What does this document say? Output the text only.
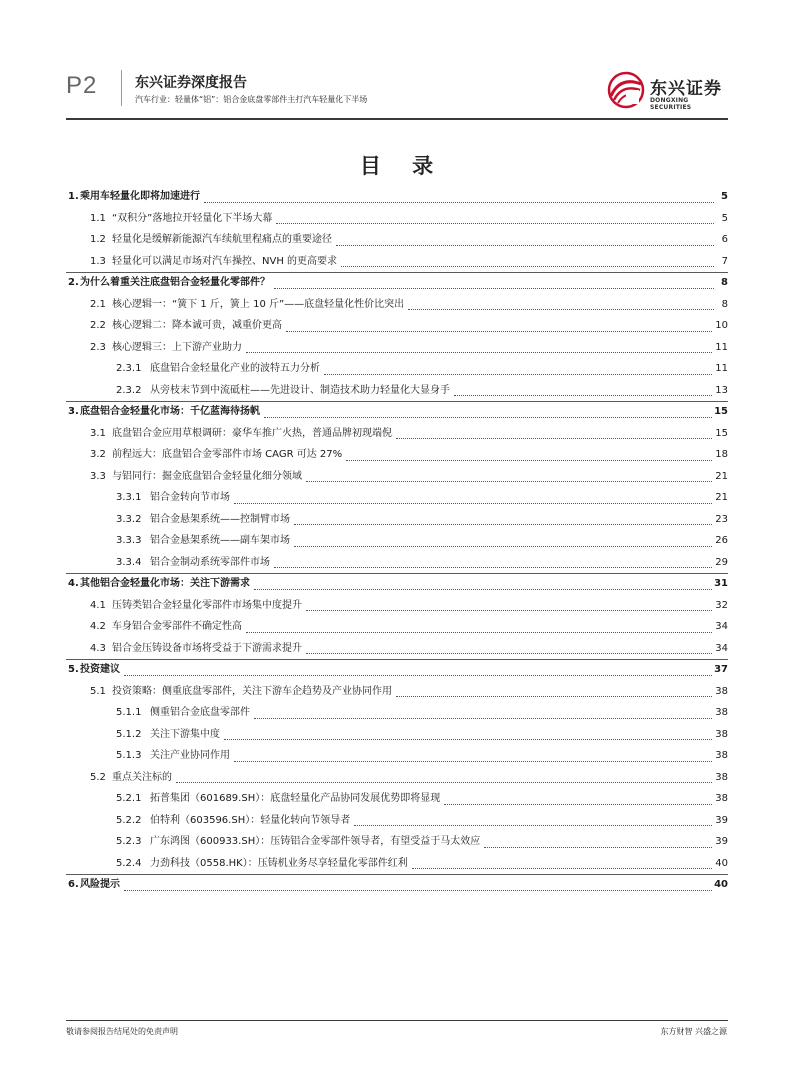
P2	东兴证券深度报告
汽车行业：轻量体“铝”：铝合金底盘零部件主打汽车轻量化下半场
东兴证券
DONGXING SECURITIES
目 录
1. 乘用车轻量化即将加速进行	5
1.1 “双积分”落地拉开轻量化下半场大幕	5
1.2 轻量化是缓解新能源汽车续航里程痛点的重要途径	6
1.3 轻量化可以满足市场对汽车操控、NVH 的更高要求	7
2. 为什么着重关注底盘铝合金轻量化零部件？	8
2.1 核心逻辑一：“簧下 1 斤，簧上 10 斤”——底盘轻量化性价比突出	8
2.2 核心逻辑二：降本诚可贵，减重价更高	10
2.3 核心逻辑三：上下游产业助力	11
2.3.1 底盘铝合金轻量化产业的波特五力分析	11
2.3.2 从旁枝末节到中流砥柱——先进设计、制造技术助力轻量化大显身手	13
3. 底盘铝合金轻量化市场：千亿蓝海待扬帆	15
3.1 底盘铝合金应用草根调研：豪华车推广火热，普通品牌初现端倪	15
3.2 前程远大：底盘铝合金零部件市场 CAGR 可达 27%	18
3.3 与铝同行：掘金底盘铝合金轻量化细分领域	21
3.3.1 铝合金转向节市场	21
3.3.2 铝合金悬架系统——控制臂市场	23
3.3.3 铝合金悬架系统——副车架市场	26
3.3.4 铝合金制动系统零部件市场	29
4. 其他铝合金轻量化市场：关注下游需求	31
4.1 压铸类铝合金轻量化零部件市场集中度提升	32
4.2 车身铝合金零部件不确定性高	34
4.3 铝合金压铸设备市场将受益于下游需求提升	34
5. 投资建议	37
5.1 投资策略：侧重底盘零部件，关注下游车企趋势及产业协同作用	38
5.1.1 侧重铝合金底盘零部件	38
5.1.2 关注下游集中度	38
5.1.3 关注产业协同作用	38
5.2 重点关注标的	38
5.2.1 拓普集团（601689.SH）：底盘轻量化产品协同发展优势即将显现	38
5.2.2 伯特利（603596.SH）：轻量化转向节领导者	39
5.2.3 广东鸿图（600933.SH）：压铸铝合金零部件领导者，有望受益于马太效应	39
5.2.4 力劲科技（0558.HK）：压铸机业务尽享轻量化零部件红利	40
6. 风险提示	40
敬请参阅报告结尾处的免责声明	东方财智 兴盛之源
